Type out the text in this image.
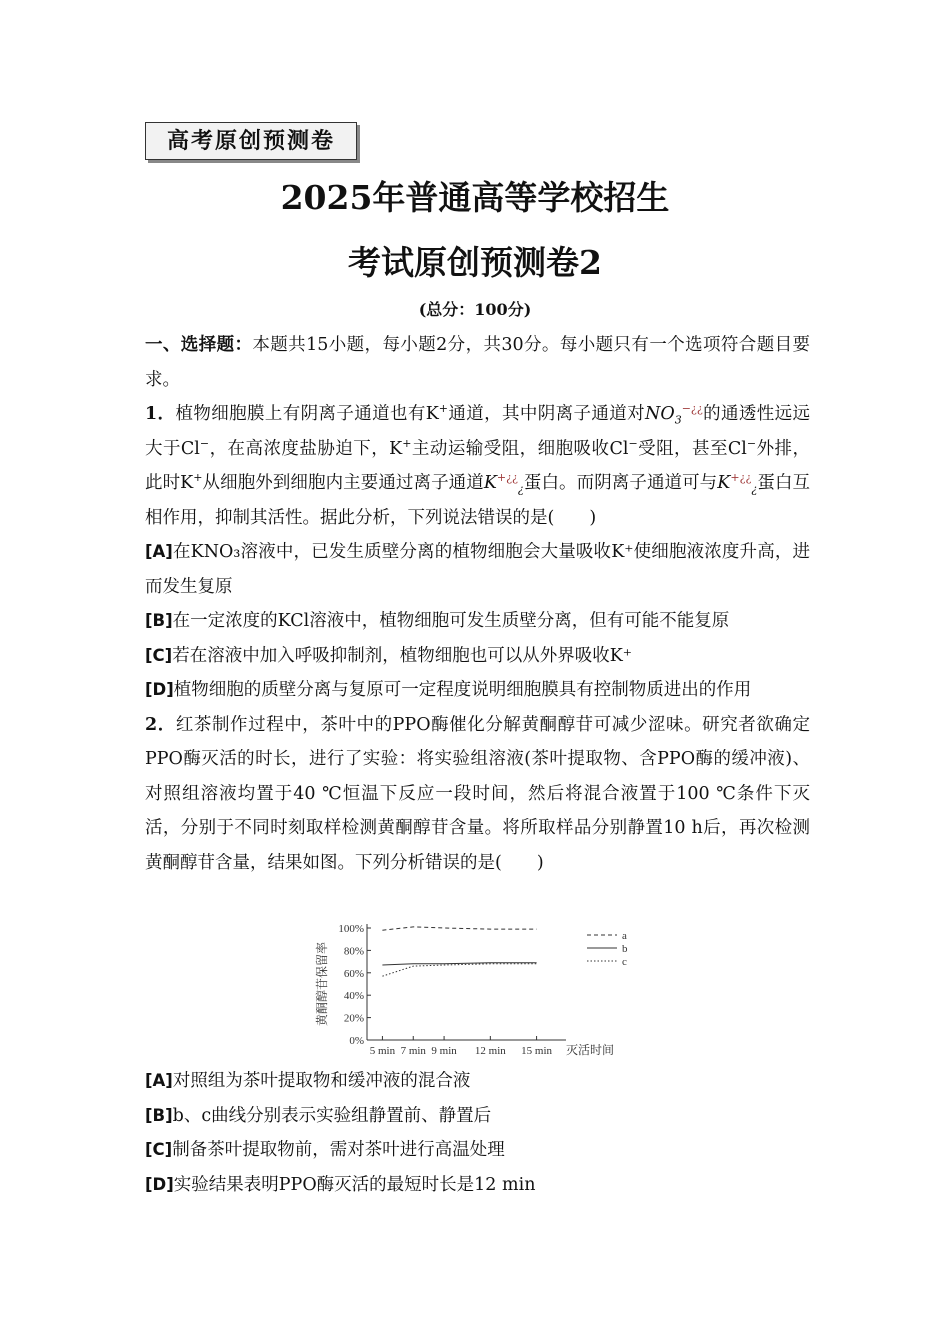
高考原创预测卷
2025年普通高等学校招生
考试原创预测卷2
(总分：100分)
一、选择题：本题共15小题，每小题2分，共30分。每小题只有一个选项符合题目要求。
1．植物细胞膜上有阴离子通道也有K+通道，其中阴离子通道对$NO_3^{-¿¿}$的通透性远远大于Cl−，在高浓度盐胁迫下，K+主动运输受阻，细胞吸收Cl−受阻，甚至Cl−外排，此时K+从细胞外到细胞内主要通过离子通道$K^{+¿¿}_¿$蛋白。而阴离子通道可与$K^{+¿¿}_¿$蛋白互相作用，抑制其活性。据此分析，下列说法错误的是(　　)
[A]在KNO₃溶液中，已发生质壁分离的植物细胞会大量吸收K⁺使细胞液浓度升高，进而发生复原
[B]在一定浓度的KCl溶液中，植物细胞可发生质壁分离，但有可能不能复原
[C]若在溶液中加入呼吸抑制剂，植物细胞也可以从外界吸收K⁺
[D]植物细胞的质壁分离与复原可一定程度说明细胞膜具有控制物质进出的作用
2．红茶制作过程中，茶叶中的PPO酶催化分解黄酮醇苷可减少涩味。研究者欲确定PPO酶灭活的时长，进行了实验：将实验组溶液(茶叶提取物、含PPO酶的缓冲液)、对照组溶液均置于40 ℃恒温下反应一段时间，然后将混合液置于100 ℃条件下灭活，分别于不同时刻取样检测黄酮醇苷含量。将所取样品分别静置10 h后，再次检测黄酮醇苷含量，结果如图。下列分析错误的是(　　)
灭活时间
黄酮醇苷保留率
0%
20%
40%
60%
80%
100%
5 min 7 min 9 min 12 min 15 min
a
b
c
[A]对照组为茶叶提取物和缓冲液的混合液
[B]b、c曲线分别表示实验组静置前、静置后
[C]制备茶叶提取物前，需对茶叶进行高温处理
[D]实验结果表明PPO酶灭活的最短时长是12 min
